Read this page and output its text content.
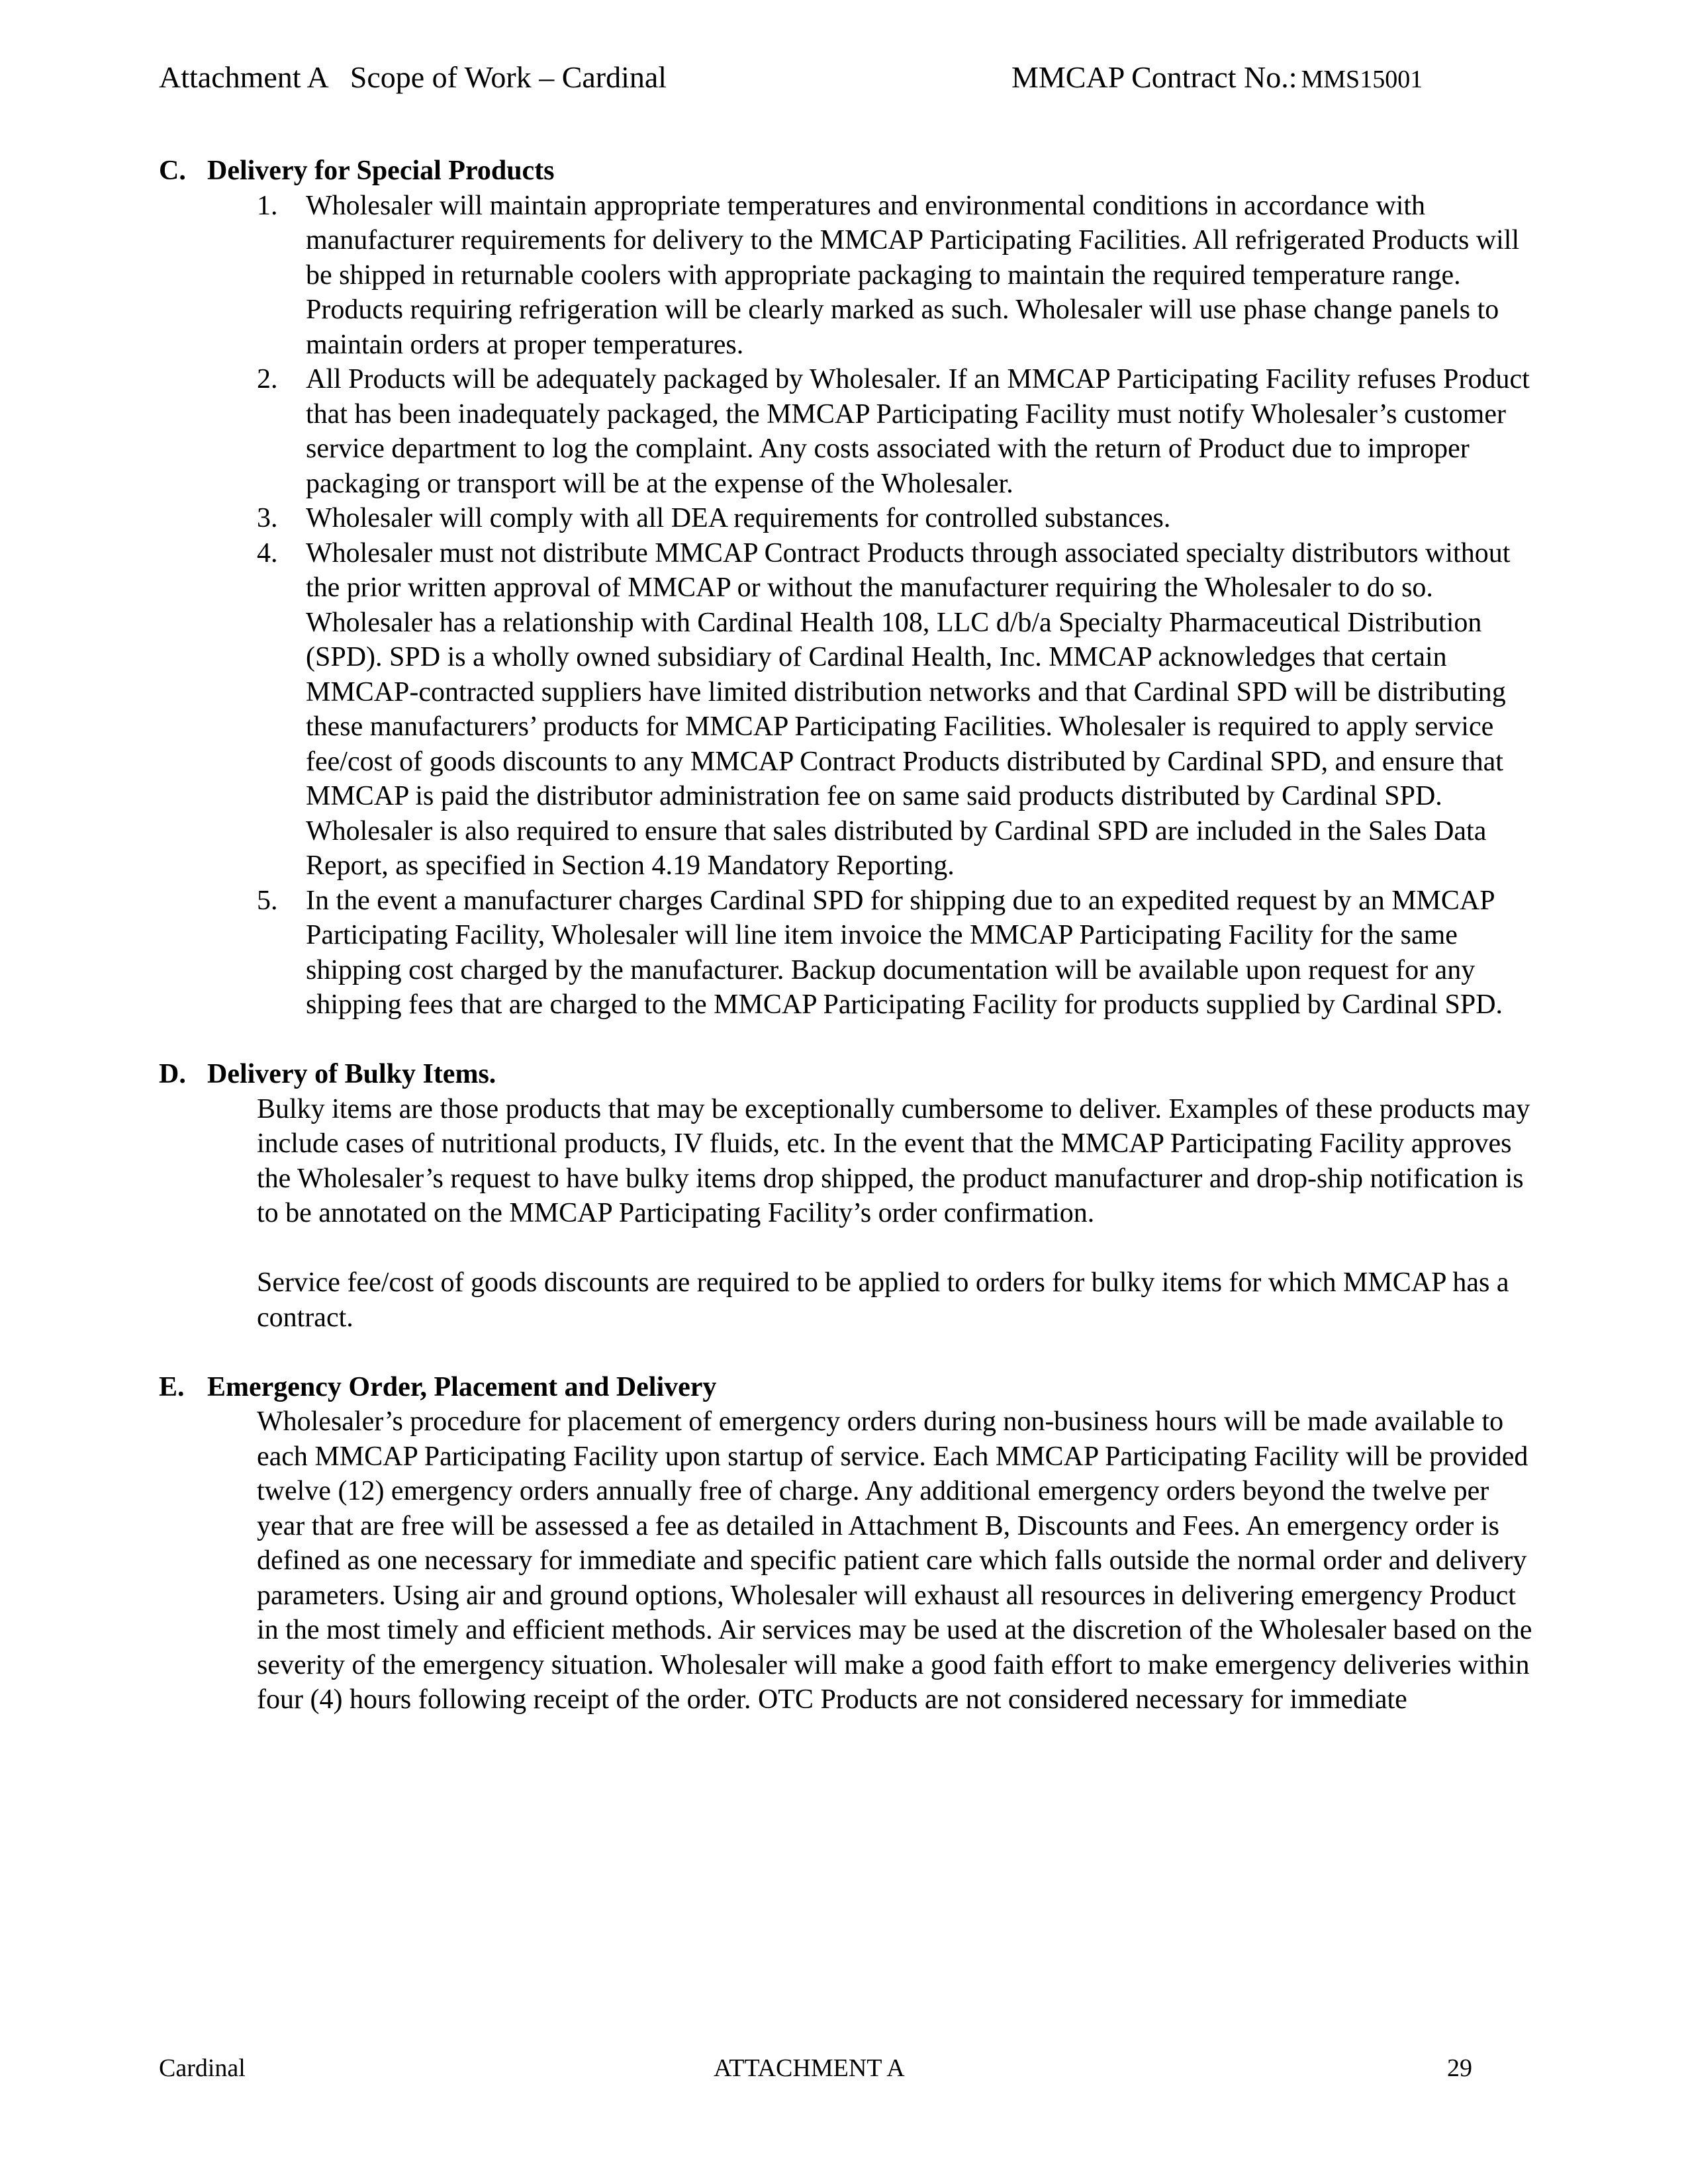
Attachment A   Scope of Work – Cardinal	MMCAP Contract No.: MMS15001
C. Delivery for Special Products
1. Wholesaler will maintain appropriate temperatures and environmental conditions in accordance with manufacturer requirements for delivery to the MMCAP Participating Facilities. All refrigerated Products will be shipped in returnable coolers with appropriate packaging to maintain the required temperature range. Products requiring refrigeration will be clearly marked as such. Wholesaler will use phase change panels to maintain orders at proper temperatures.
2. All Products will be adequately packaged by Wholesaler. If an MMCAP Participating Facility refuses Product that has been inadequately packaged, the MMCAP Participating Facility must notify Wholesaler’s customer service department to log the complaint. Any costs associated with the return of Product due to improper packaging or transport will be at the expense of the Wholesaler.
3. Wholesaler will comply with all DEA requirements for controlled substances.
4. Wholesaler must not distribute MMCAP Contract Products through associated specialty distributors without the prior written approval of MMCAP or without the manufacturer requiring the Wholesaler to do so. Wholesaler has a relationship with Cardinal Health 108, LLC d/b/a Specialty Pharmaceutical Distribution (SPD). SPD is a wholly owned subsidiary of Cardinal Health, Inc. MMCAP acknowledges that certain MMCAP-contracted suppliers have limited distribution networks and that Cardinal SPD will be distributing these manufacturers’ products for MMCAP Participating Facilities. Wholesaler is required to apply service fee/cost of goods discounts to any MMCAP Contract Products distributed by Cardinal SPD, and ensure that MMCAP is paid the distributor administration fee on same said products distributed by Cardinal SPD. Wholesaler is also required to ensure that sales distributed by Cardinal SPD are included in the Sales Data Report, as specified in Section 4.19 Mandatory Reporting.
5. In the event a manufacturer charges Cardinal SPD for shipping due to an expedited request by an MMCAP Participating Facility, Wholesaler will line item invoice the MMCAP Participating Facility for the same shipping cost charged by the manufacturer. Backup documentation will be available upon request for any shipping fees that are charged to the MMCAP Participating Facility for products supplied by Cardinal SPD.
D. Delivery of Bulky Items.

Bulky items are those products that may be exceptionally cumbersome to deliver. Examples of these products may include cases of nutritional products, IV fluids, etc. In the event that the MMCAP Participating Facility approves the Wholesaler’s request to have bulky items drop shipped, the product manufacturer and drop-ship notification is to be annotated on the MMCAP Participating Facility’s order confirmation.

Service fee/cost of goods discounts are required to be applied to orders for bulky items for which MMCAP has a contract.

E. Emergency Order, Placement and Delivery

Wholesaler’s procedure for placement of emergency orders during non-business hours will be made available to each MMCAP Participating Facility upon startup of service. Each MMCAP Participating Facility will be provided twelve (12) emergency orders annually free of charge. Any additional emergency orders beyond the twelve per year that are free will be assessed a fee as detailed in Attachment B, Discounts and Fees. An emergency order is defined as one necessary for immediate and specific patient care which falls outside the normal order and delivery parameters. Using air and ground options, Wholesaler will exhaust all resources in delivering emergency Product in the most timely and efficient methods. Air services may be used at the discretion of the Wholesaler based on the severity of the emergency situation. Wholesaler will make a good faith effort to make emergency deliveries within four (4) hours following receipt of the order. OTC Products are not considered necessary for immediate

Cardinal	ATTACHMENT A	29
